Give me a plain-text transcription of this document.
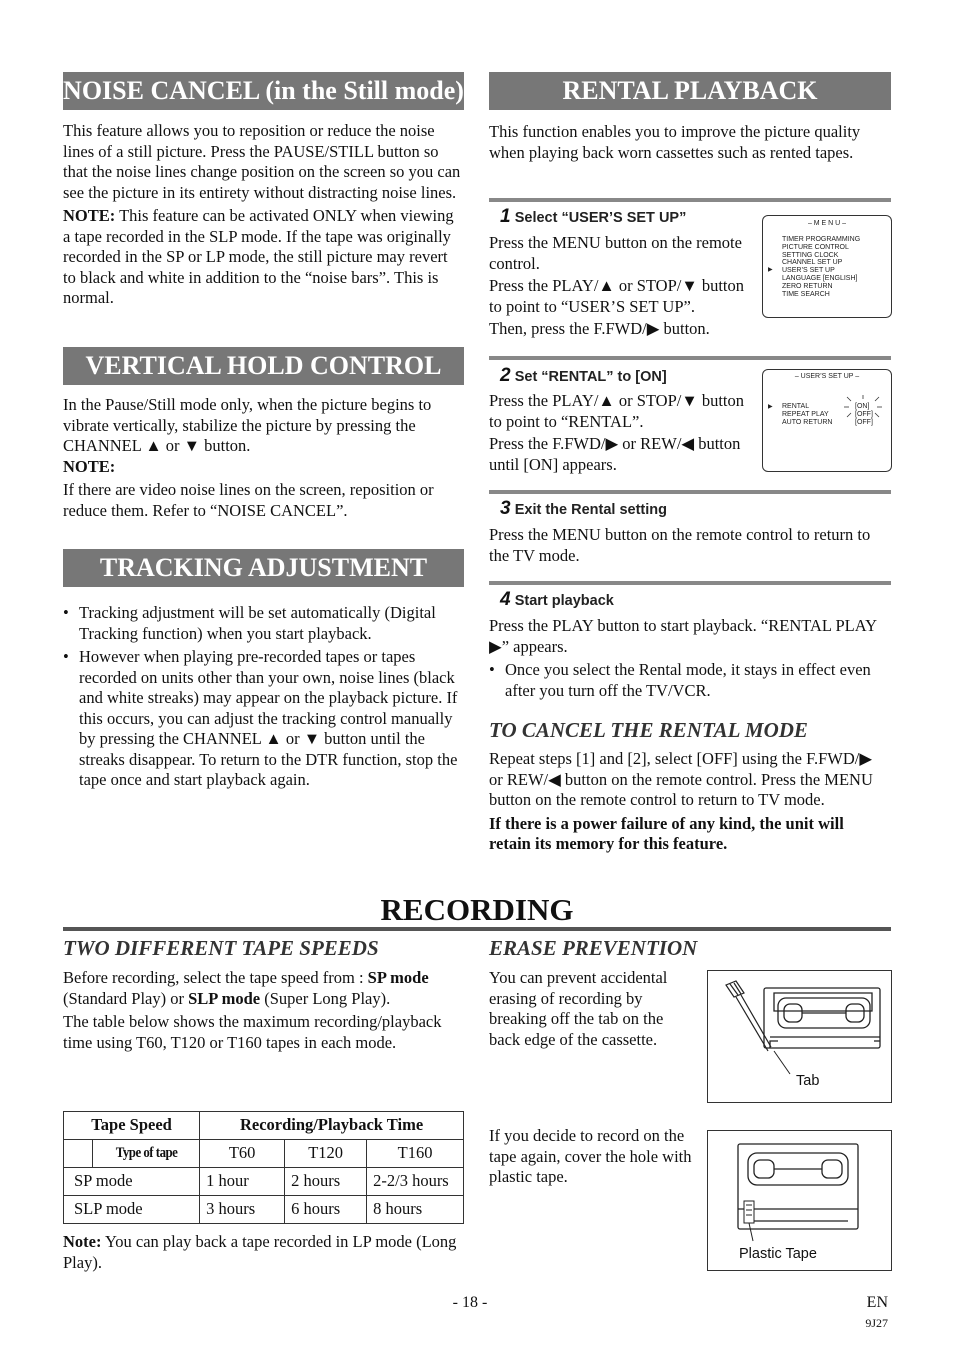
NOISE CANCEL (in the Still mode)

This feature allows you to reposition or reduce the noise lines of a still picture. Press the PAUSE/STILL button so that the noise lines change position on the screen so you can see the picture in its entirety without distracting noise lines.

NOTE: This feature can be activated ONLY when viewing a tape recorded in the SLP mode. If the tape was originally recorded in the SP or LP mode, the still picture may revert to black and white in addition to the “noise bars”. This is normal.

VERTICAL HOLD CONTROL

In the Pause/Still mode only, when the picture begins to vibrate vertically, stabilize the picture by pressing the CHANNEL ▲ or ▼ button.

NOTE:

If there are video noise lines on the screen, reposition or reduce them. Refer to “NOISE CANCEL”.

TRACKING ADJUSTMENT
• Tracking adjustment will be set automatically (Digital Tracking function) when you start playback.
• However when playing pre-recorded tapes or tapes recorded on units other than your own, noise lines (black and white streaks) may appear on the playback picture. If this occurs, you can adjust the tracking control manually by pressing the CHANNEL ▲ or ▼ button until the streaks disappear. To return to the DTR function, stop the tape once and start playback again.
RENTAL PLAYBACK
This function enables you to improve the picture quality when playing back worn cassettes such as rented tapes.
1 Select “USER’S SET UP”

Press the MENU button on the remote control.

Press the PLAY/▲ or STOP/▼ button to point to “USER’S SET UP”.

Then, press the F.FWD/▶ button.

– M E N U –
TIMER PROGRAMMING
PICTURE CONTROL
SETTING CLOCK
CHANNEL SET UP
USER’S SET UP
LANGUAGE [ENGLISH]
ZERO RETURN
TIME SEARCH
▶
2 Set “RENTAL” to [ON]

Press the PLAY/▲ or STOP/▼ button to point to “RENTAL”.

Press the F.FWD/▶ or REW/◀ button until [ON] appears.

– USER’S SET UP –
▶ RENTAL
REPEAT PLAY
AUTO RETURN
[ON]
[OFF]
[OFF]
3 Exit the Rental setting
Press the MENU button on the remote control to return to the TV mode.
4 Start playback

Press the PLAY button to start playback. “RENTAL PLAY ▶” appears.

• Once you select the Rental mode, it stays in effect even after you turn off the TV/VCR.
TO CANCEL THE RENTAL MODE

Repeat steps [1] and [2], select [OFF] using the F.FWD/▶ or REW/◀ button on the remote control. Press the MENU button on the remote control to return to TV mode.

If there is a power failure of any kind, the unit will retain its memory for this feature.

RECORDING
TWO DIFFERENT TAPE SPEEDS

Before recording, select the tape speed from : SP mode (Standard Play) or SLP mode (Super Long Play).

The table below shows the maximum recording/playback time using T60, T120 or T160 tapes in each mode.

Tape Speed		Recording/Playback Time		
	Type of tape	T60	T120	T160
SP mode		1 hour	2 hours	2-2/3 hours
SLP mode		3 hours	6 hours	8 hours
Note: You can play back a tape recorded in LP mode (Long Play).
ERASE PREVENTION
You can prevent accidental erasing of recording by breaking off the tab on the back edge of the cassette.
If you decide to record on the tape again, cover the hole with plastic tape.
Tab
Plastic Tape
- 18 -	EN
9J27
